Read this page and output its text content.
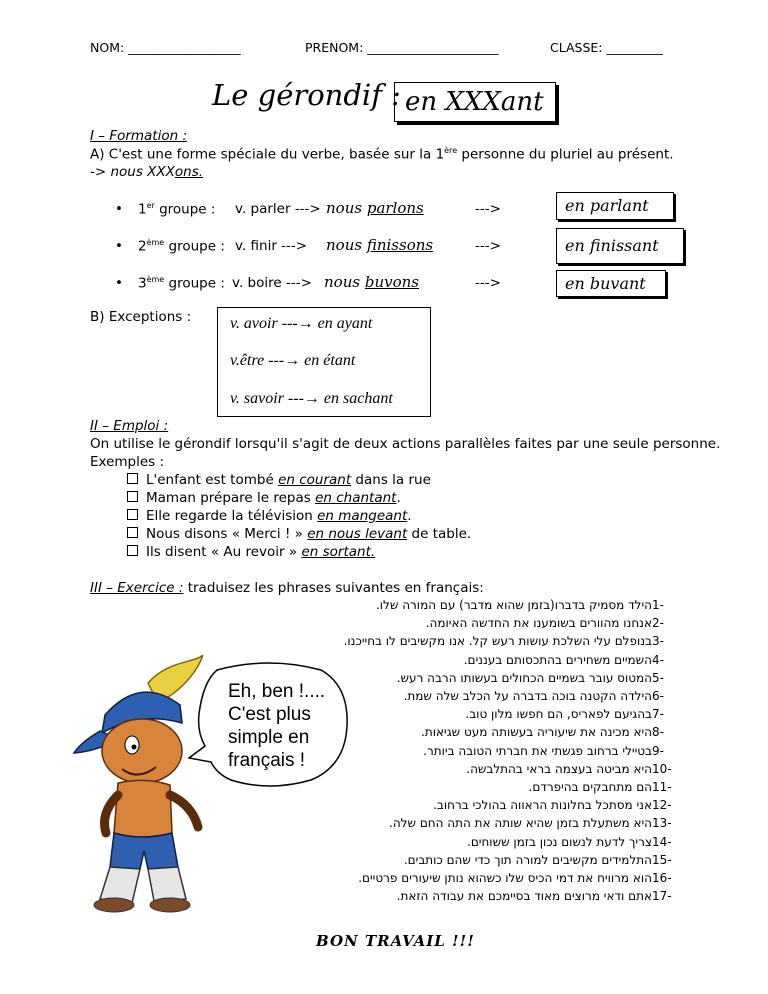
NOM: __________________	PRENOM: _____________________	CLASSE: _________
Le gérondif : en XXXant
I – Formation :
A) C'est une forme spéciale du verbe, basée sur la 1ère personne du pluriel au présent.
-> nous XXXons.
• 1er groupe : v. parler ---> nous parlons	--->	en parlant
• 2ème groupe : v. finir ---> nous finissons	--->	en finissant
• 3ème groupe : v. boire ---> nous buvons	--->	en buvant
B) Exceptions : v. avoir ---→ en ayant
v.être ---→ en étant
v. savoir ---→ en sachant
II – Emploi :
On utilise le gérondif lorsqu'il s'agit de deux actions parallèles faites par une seule personne.
Exemples :
L'enfant est tombé en courant dans la rue
Maman prépare le repas en chantant.
Elle regarde la télévision en mangeant.
Nous disons « Merci ! » en nous levant de table.
Ils disent « Au revoir » en sortant.
III – Exercice : traduisez les phrases suivantes en français:
-1הילד מסמיק בדברו(בזמן שהוא מדבר) עם המורה שלו.
-2אנחנו מהוורים בשומענו את החדשה האיומה.
-3בנופלם עלי השלכת עושות רעש קל. אנו מקשיבים לו בחייכנו.
-4השמיים משחירים בהתכסותם בעננים.
-5המטוס עובר בשמיים הכחולים בעשותו הרבה רעש.
-6הילדה הקטנה בוכה בדברה על הכלב שלה שמת.
-7בהגיעם לפאריס, הם חפשו מלון טוב.
-8היא מכינה את שיעוריה בעשותה מעט שגיאות.
-9בטיילי ברחוב פגשתי את חברתי הטובה ביותר.
-10היא מביטה בעצמה בראי בהתלבשה.
-11הם מתחבקים בהיפרדם.
-12אני מסתכל בחלונות הראווה בהולכי ברחוב.
-13היא משתעלת בזמן שהיא שותה את התה החם שלה.
-14צריך לדעת לנשום נכון בזמן ששוחים.
-15התלמידים מקשיבים למורה תוך כדי שהם כותבים.
-16הוא מרוויח את דמי הכיס שלו כשהוא נותן שיעורים פרטיים.
-17אתם ודאי מרוצים מאוד בסיימכם את עבודה הזאת.
Eh, ben !....
C'est plus
simple en
français !
BON TRAVAIL !!!
